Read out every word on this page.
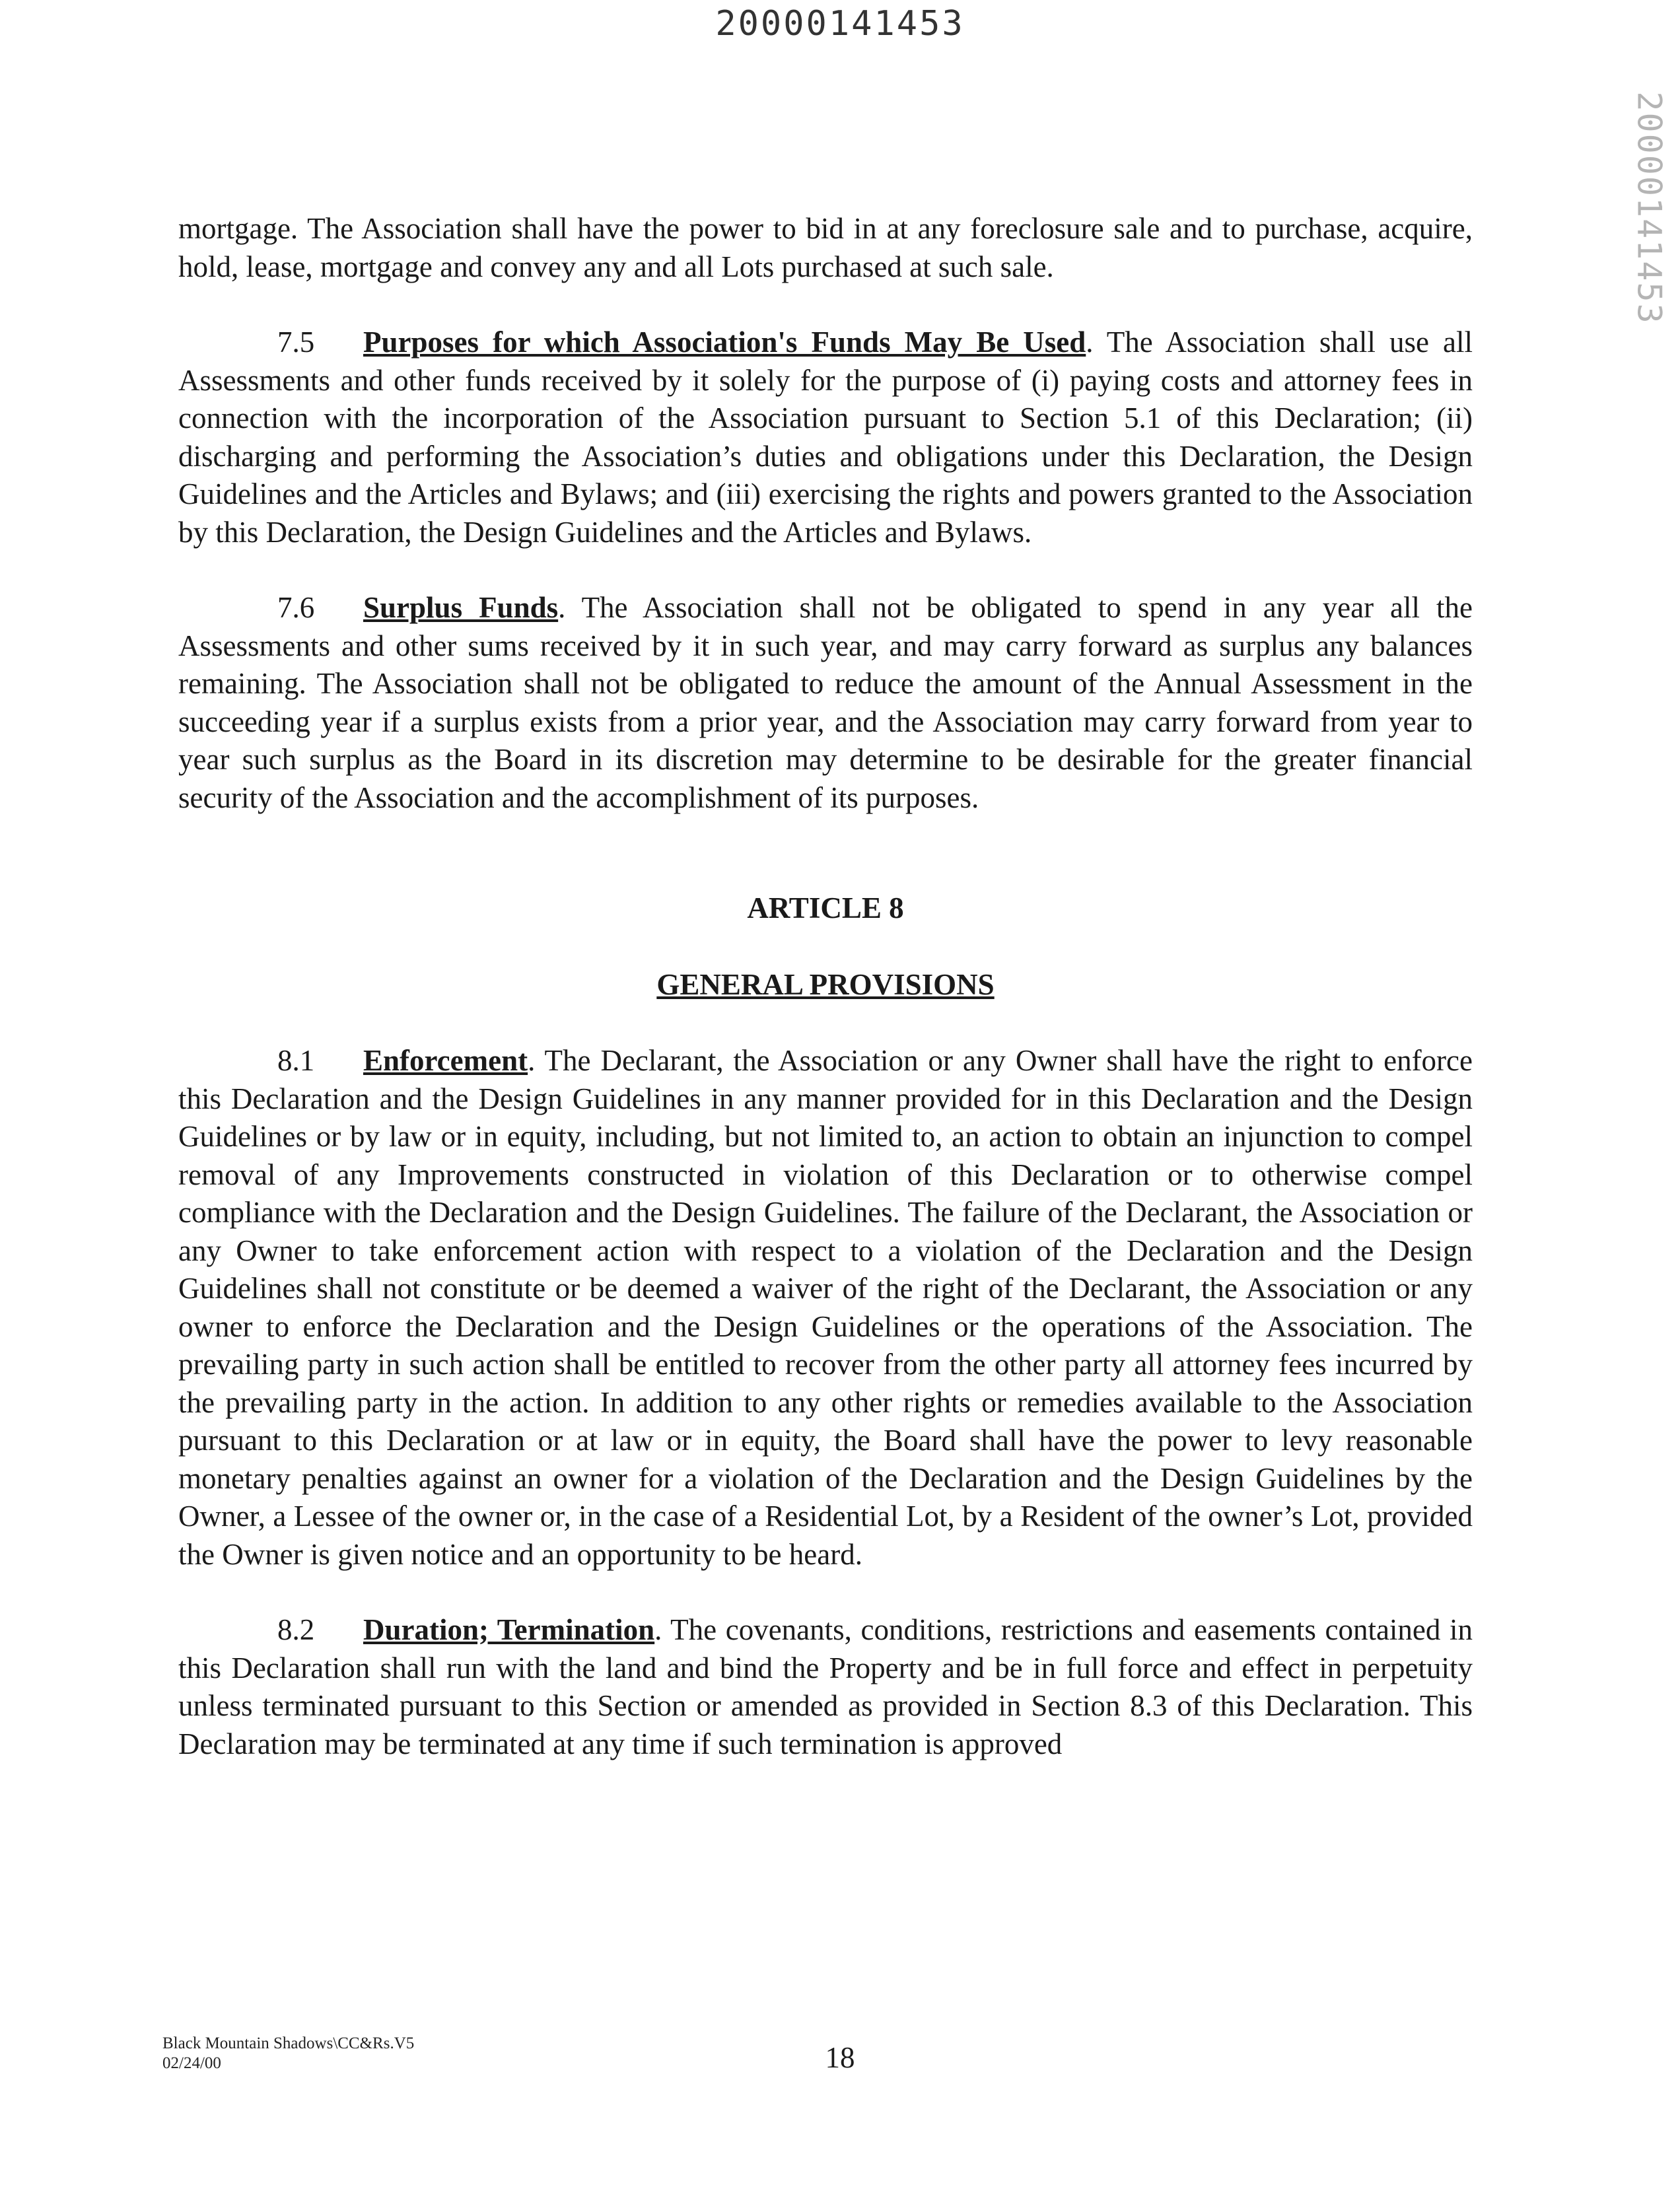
20000141453
20000141453

mortgage. The Association shall have the power to bid in at any foreclosure sale and to purchase, acquire, hold, lease, mortgage and convey any and all Lots purchased at such sale.

7.5 Purposes for which Association's Funds May Be Used. The Association shall use all Assessments and other funds received by it solely for the purpose of (i) paying costs and attorney fees in connection with the incorporation of the Association pursuant to Section 5.1 of this Declaration; (ii) discharging and performing the Association’s duties and obligations under this Declaration, the Design Guidelines and the Articles and Bylaws; and (iii) exercising the rights and powers granted to the Association by this Declaration, the Design Guidelines and the Articles and Bylaws.

7.6 Surplus Funds. The Association shall not be obligated to spend in any year all the Assessments and other sums received by it in such year, and may carry forward as surplus any balances remaining. The Association shall not be obligated to reduce the amount of the Annual Assessment in the succeeding year if a surplus exists from a prior year, and the Association may carry forward from year to year such surplus as the Board in its discretion may determine to be desirable for the greater financial security of the Association and the accomplishment of its purposes.

ARTICLE 8
GENERAL PROVISIONS

8.1 Enforcement. The Declarant, the Association or any Owner shall have the right to enforce this Declaration and the Design Guidelines in any manner provided for in this Declaration and the Design Guidelines or by law or in equity, including, but not limited to, an action to obtain an injunction to compel removal of any Improvements constructed in violation of this Declaration or to otherwise compel compliance with the Declaration and the Design Guidelines. The failure of the Declarant, the Association or any Owner to take enforcement action with respect to a violation of the Declaration and the Design Guidelines shall not constitute or be deemed a waiver of the right of the Declarant, the Association or any owner to enforce the Declaration and the Design Guidelines or the operations of the Association. The prevailing party in such action shall be entitled to recover from the other party all attorney fees incurred by the prevailing party in the action. In addition to any other rights or remedies available to the Association pursuant to this Declaration or at law or in equity, the Board shall have the power to levy reasonable monetary penalties against an owner for a violation of the Declaration and the Design Guidelines by the Owner, a Lessee of the owner or, in the case of a Residential Lot, by a Resident of the owner’s Lot, provided the Owner is given notice and an opportunity to be heard.

8.2 Duration; Termination. The covenants, conditions, restrictions and easements contained in this Declaration shall run with the land and bind the Property and be in full force and effect in perpetuity unless terminated pursuant to this Section or amended as provided in Section 8.3 of this Declaration. This Declaration may be terminated at any time if such termination is approved

Black Mountain Shadows\CC&Rs.V5
02/24/00	18
